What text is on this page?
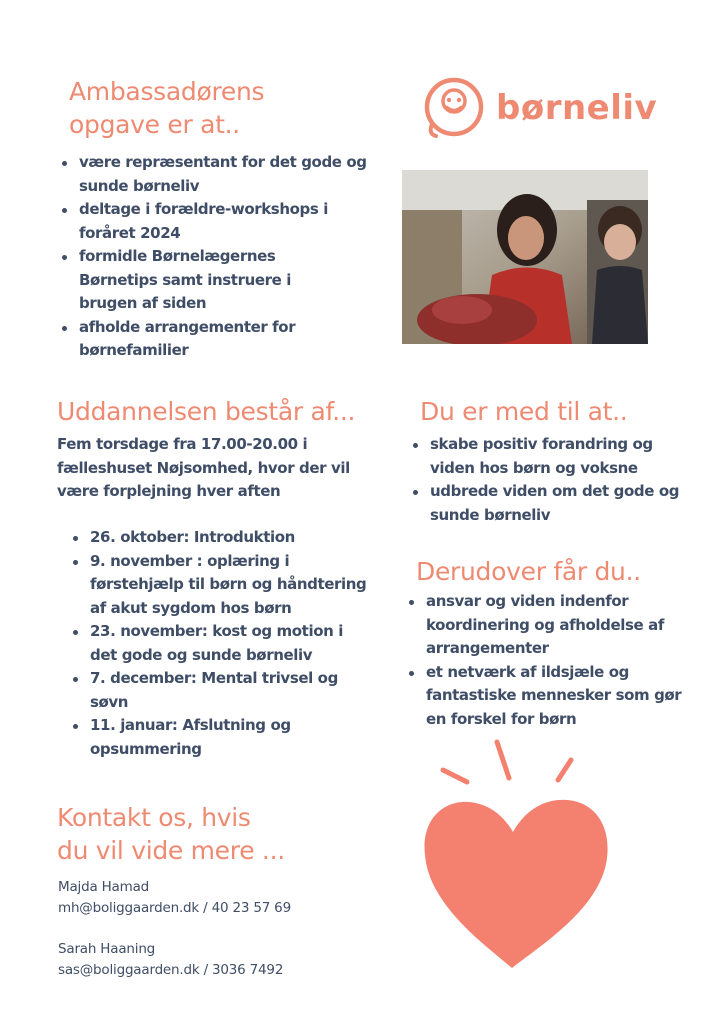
Ambassadørens opgave er at..
være repræsentant for det gode og sunde børneliv
deltage i forældre-workshops i foråret 2024
formidle Børnelægernes Børnetips samt instruere i brugen af siden
afholde arrangementer for børnefamilier
børneliv
Uddannelsen består af...

Fem torsdage fra 17.00-20.00 i fælleshuset Nøjsomhed, hvor der vil være forplejning hver aften

26. oktober: Introduktion
9. november : oplæring i førstehjælp til børn og håndtering af akut sygdom hos børn
23. november: kost og motion i det gode og sunde børneliv
7. december: Mental trivsel og søvn
11. januar: Afslutning og opsummering
Du er med til at..
skabe positiv forandring og viden hos børn og voksne
udbrede viden om det gode og sunde børneliv
Derudover får du..
ansvar og viden indenfor koordinering og afholdelse af arrangementer
et netværk af ildsjæle og fantastiske mennesker som gør en forskel for børn
Kontakt os, hvis
du vil vide mere ...
Majda Hamad
mh@boliggaarden.dk / 40 23 57 69
Sarah Haaning
sas@boliggaarden.dk / 3036 7492
